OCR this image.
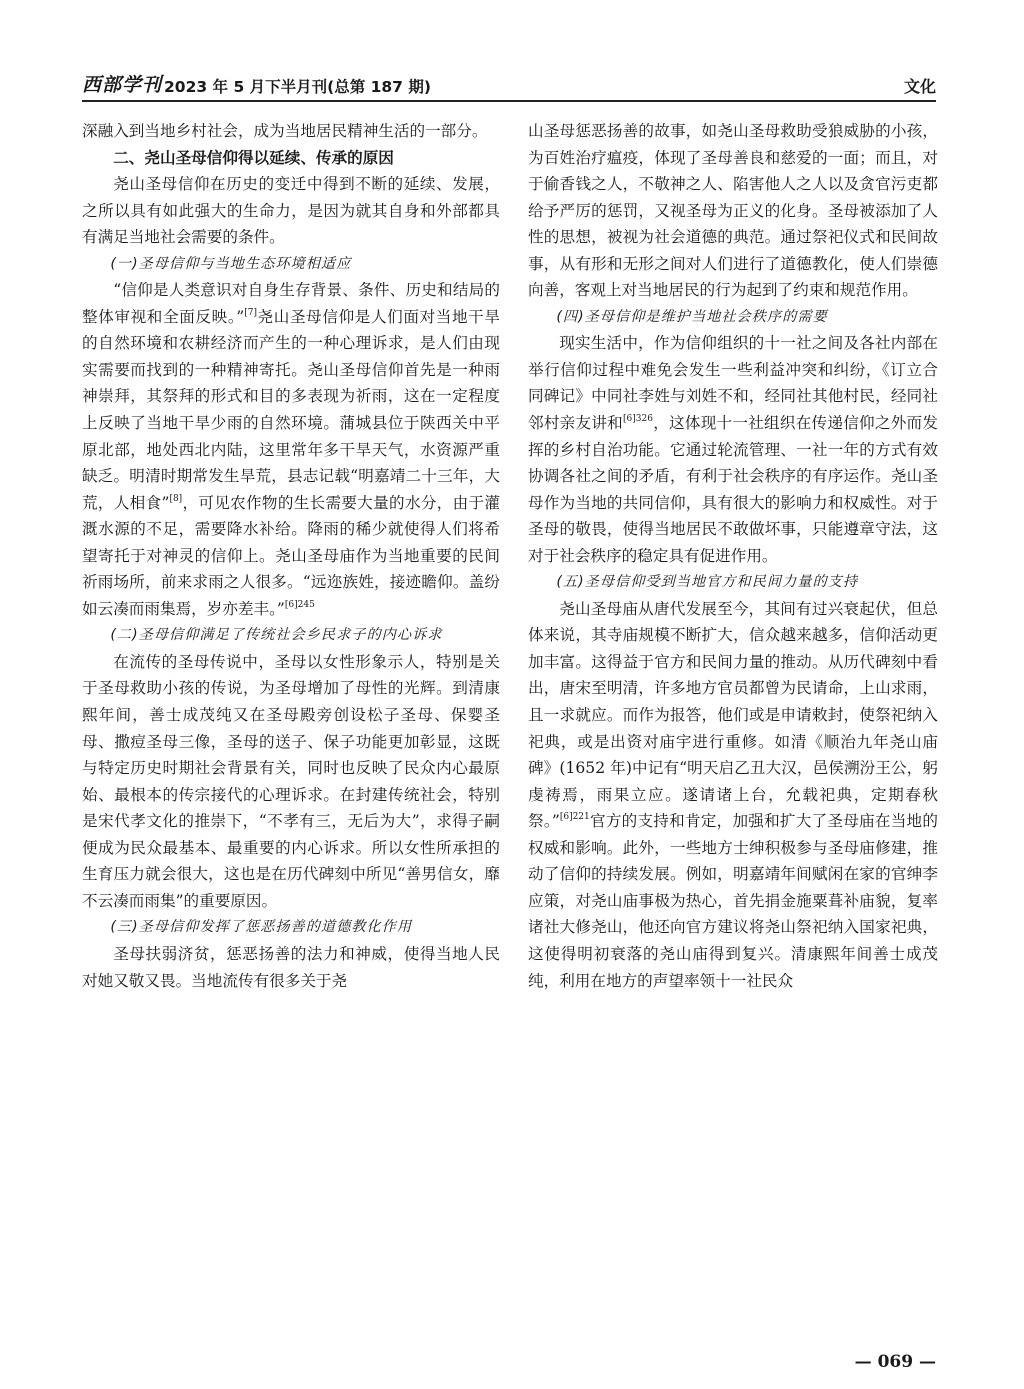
西部学刊 2023 年 5 月下半月刊(总第 187 期)	文化

深融入到当地乡村社会，成为当地居民精神生活的一部分。

二、尧山圣母信仰得以延续、传承的原因

尧山圣母信仰在历史的变迁中得到不断的延续、发展，之所以具有如此强大的生命力，是因为就其自身和外部都具有满足当地社会需要的条件。

(一)圣母信仰与当地生态环境相适应

“信仰是人类意识对自身生存背景、条件、历史和结局的整体审视和全面反映。”[7]尧山圣母信仰是人们面对当地干旱的自然环境和农耕经济而产生的一种心理诉求，是人们由现实需要而找到的一种精神寄托。尧山圣母信仰首先是一种雨神崇拜，其祭拜的形式和目的多表现为祈雨，这在一定程度上反映了当地干旱少雨的自然环境。蒲城县位于陕西关中平原北部，地处西北内陆，这里常年多干旱天气，水资源严重缺乏。明清时期常发生旱荒，县志记载“明嘉靖二十三年，大荒，人相食”[8]，可见农作物的生长需要大量的水分，由于灌溉水源的不足，需要降水补给。降雨的稀少就使得人们将希望寄托于对神灵的信仰上。尧山圣母庙作为当地重要的民间祈雨场所，前来求雨之人很多。“远迩族姓，接迹瞻仰。盖纷如云凑而雨集焉，岁亦差丰。”$^{[6]245}$

(二)圣母信仰满足了传统社会乡民求子的内心诉求

在流传的圣母传说中，圣母以女性形象示人，特别是关于圣母救助小孩的传说，为圣母增加了母性的光辉。到清康熙年间，善士成茂纯又在圣母殿旁创设松子圣母、保婴圣母、撒痘圣母三像，圣母的送子、保子功能更加彰显，这既与特定历史时期社会背景有关，同时也反映了民众内心最原始、最根本的传宗接代的心理诉求。在封建传统社会，特别是宋代孝文化的推崇下，“不孝有三，无后为大”，求得子嗣便成为民众最基本、最重要的内心诉求。所以女性所承担的生育压力就会很大，这也是在历代碑刻中所见“善男信女，靡不云凑而雨集”的重要原因。

(三)圣母信仰发挥了惩恶扬善的道德教化作用

圣母扶弱济贫，惩恶扬善的法力和神威，使得当地人民对她又敬又畏。当地流传有很多关于尧

山圣母惩恶扬善的故事，如尧山圣母救助受狼威胁的小孩，为百姓治疗瘟疫，体现了圣母善良和慈爱的一面；而且，对于偷香钱之人，不敬神之人、陷害他人之人以及贪官污吏都给予严厉的惩罚，又视圣母为正义的化身。圣母被添加了人性的思想，被视为社会道德的典范。通过祭祀仪式和民间故事，从有形和无形之间对人们进行了道德教化，使人们崇德向善，客观上对当地居民的行为起到了约束和规范作用。

(四)圣母信仰是维护当地社会秩序的需要

现实生活中，作为信仰组织的十一社之间及各社内部在举行信仰过程中难免会发生一些利益冲突和纠纷，《订立合同碑记》中同社李姓与刘姓不和，经同社其他村民，经同社邻村亲友讲和$^{[6]326}$，这体现十一社组织在传递信仰之外而发挥的乡村自治功能。它通过轮流管理、一社一年的方式有效协调各社之间的矛盾，有利于社会秩序的有序运作。尧山圣母作为当地的共同信仰，具有很大的影响力和权威性。对于圣母的敬畏，使得当地居民不敢做坏事，只能遵章守法，这对于社会秩序的稳定具有促进作用。

(五)圣母信仰受到当地官方和民间力量的支持

尧山圣母庙从唐代发展至今，其间有过兴衰起伏，但总体来说，其寺庙规模不断扩大，信众越来越多，信仰活动更加丰富。这得益于官方和民间力量的推动。从历代碑刻中看出，唐宋至明清，许多地方官员都曾为民请命，上山求雨，且一求就应。而作为报答，他们或是申请敕封，使祭祀纳入祀典，或是出资对庙宇进行重修。如清《顺治九年尧山庙碑》(1652 年)中记有“明天启乙丑大汉，邑侯溯汾王公，躬虔祷焉，雨果立应。遂请诸上台，允载祀典，定期春秋祭。”$^{[6]221}$官方的支持和肯定，加强和扩大了圣母庙在当地的权威和影响。此外，一些地方士绅积极参与圣母庙修建，推动了信仰的持续发展。例如，明嘉靖年间赋闲在家的官绅李应策，对尧山庙事极为热心，首先捐金施粟葺补庙貌，复率诸社大修尧山，他还向官方建议将尧山祭祀纳入国家祀典，这使得明初衰落的尧山庙得到复兴。清康熙年间善士成茂纯，利用在地方的声望率领十一社民众

— 069 —
